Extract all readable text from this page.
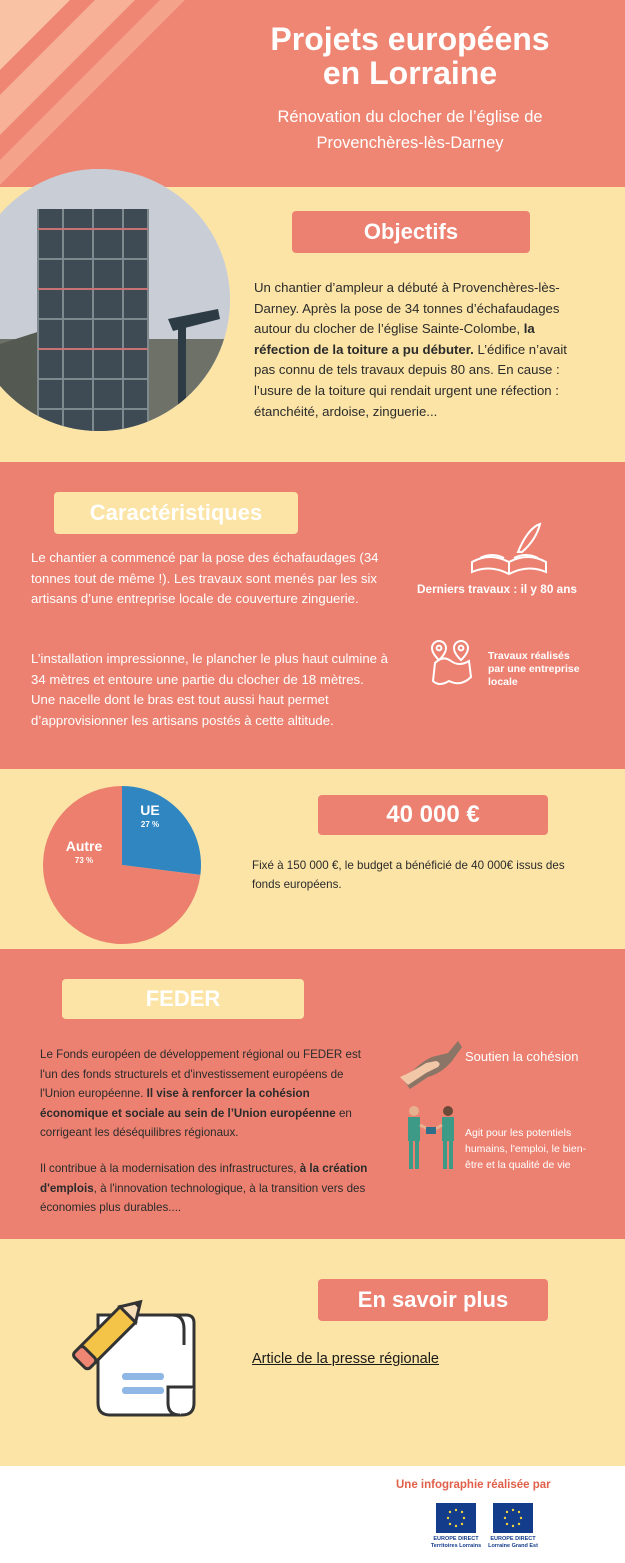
Projets européens
en Lorraine
Rénovation du clocher de l’église de
Provenchères-lès-Darney
Objectifs
Un chantier d’ampleur a débuté à Provenchères-lès-Darney. Après la pose de 34 tonnes d’échafaudages autour du clocher de l’église Sainte-Colombe, la réfection de la toiture a pu débuter. L’édifice n’avait pas connu de tels travaux depuis 80 ans. En cause : l’usure de la toiture qui rendait urgent une réfection : étanchéité, ardoise, zinguerie...
Caractéristiques
Le chantier a commencé par la pose des échafaudages (34 tonnes tout de même !). Les travaux sont menés par les six artisans d’une entreprise locale de couverture zinguerie.
L’installation impressionne, le plancher le plus haut culmine à 34 mètres et entoure une partie du clocher de 18 mètres. Une nacelle dont le bras est tout aussi haut permet d’approvisionner les artisans postés à cette altitude.
Derniers travaux : il y 80 ans
Travaux réalisés
par une entreprise
locale
UE
27 %
Autre
73 %
40 000 €
Fixé à 150 000 €, le budget a bénéficié de 40 000€ issus des fonds européens.
FEDER
Le Fonds européen de développement régional ou FEDER est l'un des fonds structurels et d'investissement européens de l'Union européenne. Il vise à renforcer la cohésion économique et sociale au sein de l’Union européenne en corrigeant les déséquilibres régionaux.
Il contribue à la modernisation des infrastructures, à la création d'emplois, à l'innovation technologique, à la transition vers des économies plus durables....
Soutien la cohésion
Agit pour les potentiels humains, l'emploi, le bien-être et la qualité de vie
En savoir plus
Article de la presse régionale
Une infographie réalisée par
EUROPE DIRECT
Territoires Lorrains
EUROPE DIRECT
Lorraine Grand Est
